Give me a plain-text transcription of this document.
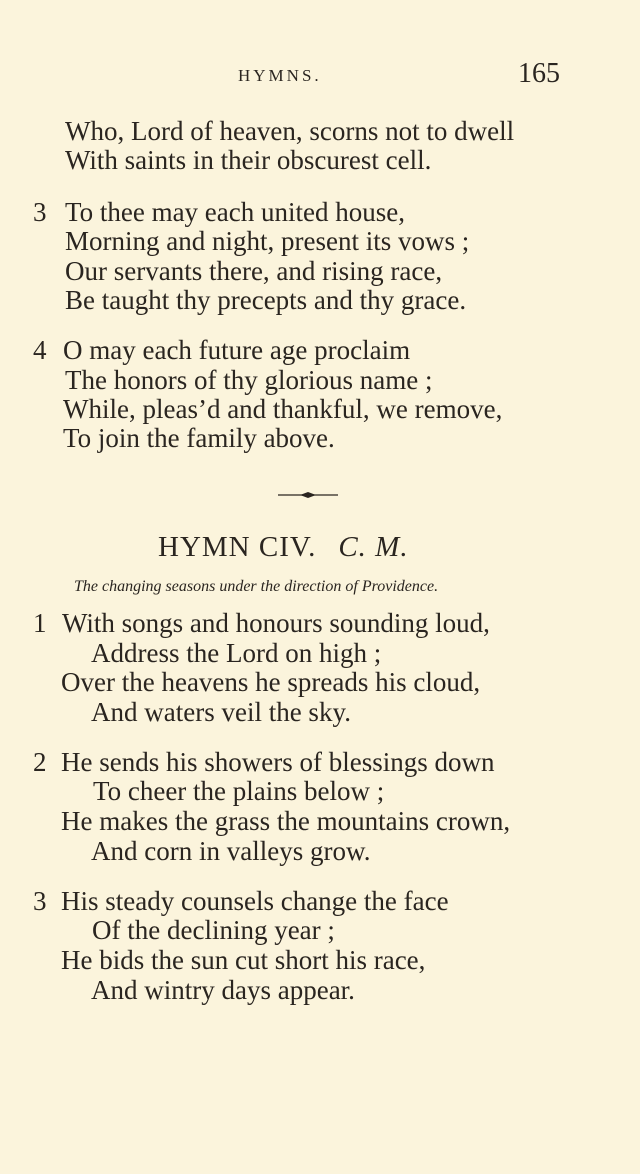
HYMNS.	165
Who, Lord of heaven, scorns not to dwell
With saints in their obscurest cell.
3 To thee may each united house,
Morning and night, present its vows ;
Our servants there, and rising race,
Be taught thy precepts and thy grace.
4 O may each future age proclaim
The honors of thy glorious name ;
While, pleas’d and thankful, we remove,
To join the family above.
HYMN CIV. C. M.
The changing seasons under the direction of Providence.
1 With songs and honours sounding loud,
Address the Lord on high ;
Over the heavens he spreads his cloud,
And waters veil the sky.
2 He sends his showers of blessings down
To cheer the plains below ;
He makes the grass the mountains crown,
And corn in valleys grow.
3 His steady counsels change the face
Of the declining year ;
He bids the sun cut short his race,
And wintry days appear.
